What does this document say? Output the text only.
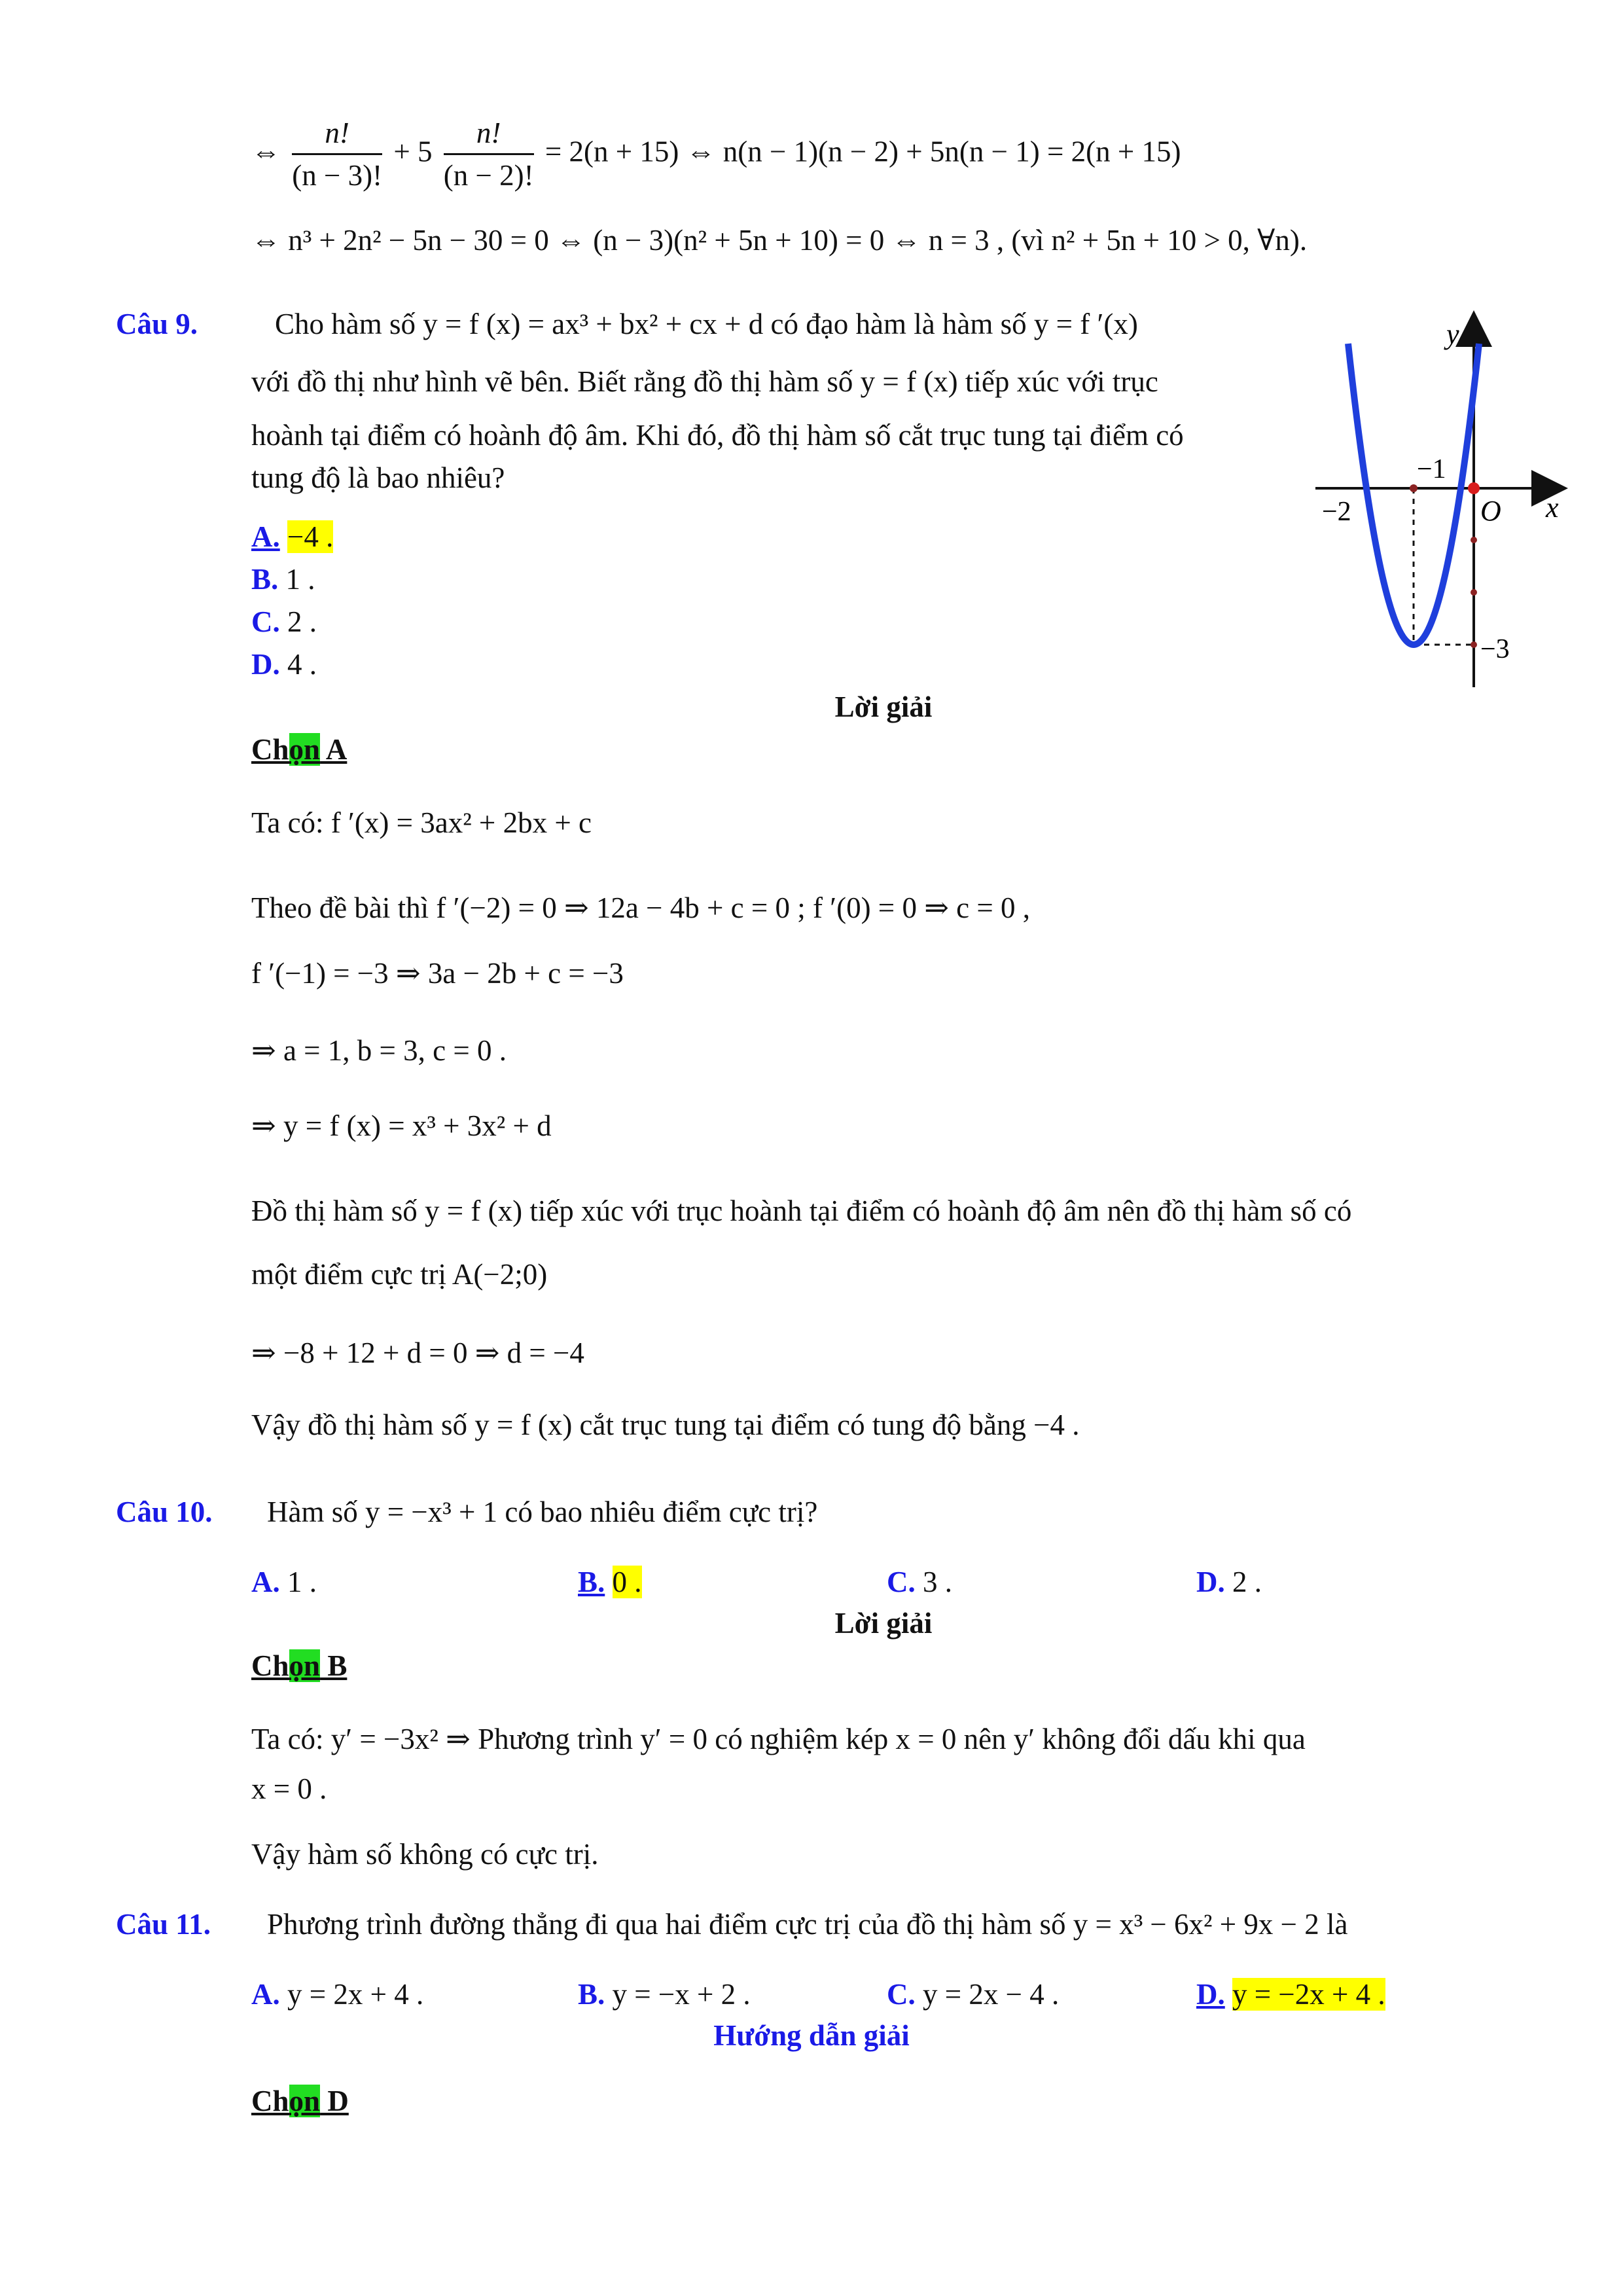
⇔ $\frac{n!}{(n - 3)!} + 5 \frac{n!}{(n - 2)!} = 2(n + 15)$ ⇔ n(n − 1)(n − 2) + 5n(n − 1) = 2(n + 15)
⇔ n³ + 2n² − 5n − 30 = 0 ⇔ (n − 3)(n² + 5n + 10) = 0 ⇔ n = 3 , (vì n² + 5n + 10 > 0, ∀n).
Câu 9.	Cho hàm số y = f (x) = ax³ + bx² + cx + d có đạo hàm là hàm số y = f ′(x)
với đồ thị như hình vẽ bên. Biết rằng đồ thị hàm số y = f (x) tiếp xúc với trục
hoành tại điểm có hoành độ âm. Khi đó, đồ thị hàm số cắt trục tung tại điểm có
tung độ là bao nhiêu?
A. −4 .
B. 1 .
C. 2 .
D. 4 .
y
x
O
−2
−1
−3
Lời giải
Chọn A
Ta có: f ′(x) = 3ax² + 2bx + c
Theo đề bài thì f ′(−2) = 0 ⇒ 12a − 4b + c = 0 ; f ′(0) = 0 ⇒ c = 0 ,
f ′(−1) = −3 ⇒ 3a − 2b + c = −3
⇒ a = 1, b = 3, c = 0 .
⇒ y = f (x) = x³ + 3x² + d
Đồ thị hàm số y = f (x) tiếp xúc với trục hoành tại điểm có hoành độ âm nên đồ thị hàm số có
một điểm cực trị A(−2;0)
⇒ −8 + 12 + d = 0 ⇒ d = −4
Vậy đồ thị hàm số y = f (x) cắt trục tung tại điểm có tung độ bằng −4 .
Câu 10. Hàm số y = −x³ + 1 có bao nhiêu điểm cực trị?
A. 1 .	B. 0 .	C. 3 .	D. 2 .
Lời giải
Chọn B
Ta có: y′ = −3x² ⇒ Phương trình y′ = 0 có nghiệm kép x = 0 nên y′ không đổi dấu khi qua
x = 0 .
Vậy hàm số không có cực trị.
Câu 11. Phương trình đường thẳng đi qua hai điểm cực trị của đồ thị hàm số y = x³ − 6x² + 9x − 2 là
A. y = 2x + 4 .	B. y = −x + 2 .	C. y = 2x − 4 .	D. y = −2x + 4 .
Hướng dẫn giải
Chọn D
